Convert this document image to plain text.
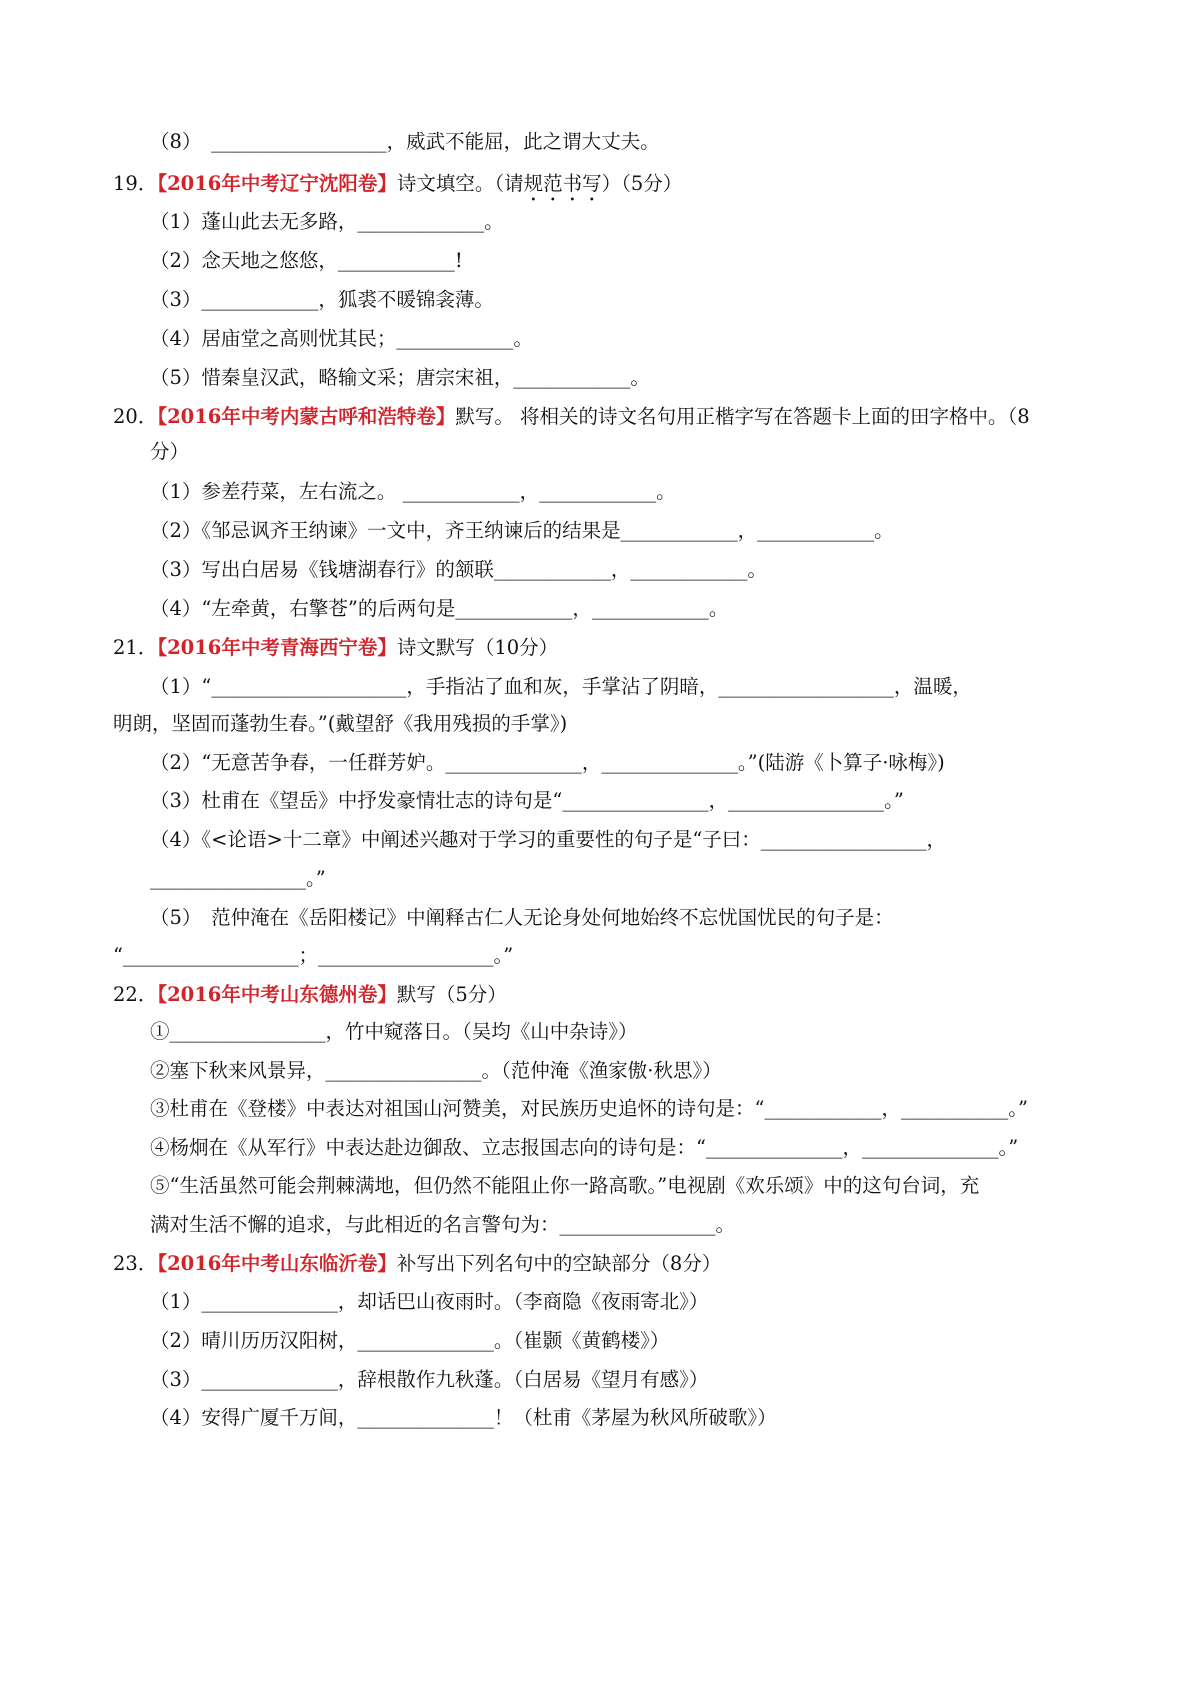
（8）　__________________，威武不能屈，此之谓大丈夫。
19．【2016年中考辽宁沈阳卷】诗文填空。（请规范书写）（5分）
（1）蓬山此去无多路，_____________。
（2）念天地之悠悠，____________!
（3）____________，狐裘不暖锦衾薄。
（4）居庙堂之高则忧其民；____________。
（5）惜秦皇汉武，略输文采；唐宗宋祖，____________。
20．【2016年中考内蒙古呼和浩特卷】默写。 将相关的诗文名句用正楷字写在答题卡上面的田字格中。（8
分）
（1）参差荇菜，左右流之。 ____________，____________。
（2）《邹忌讽齐王纳谏》一文中，齐王纳谏后的结果是____________，____________。
（3）写出白居易《钱塘湖春行》的颔联____________，____________。
（4）“左牵黄，右擎苍”的后两句是____________，____________。
21．【2016年中考青海西宁卷】诗文默写（10分）
（1）“____________________，手指沾了血和灰，手掌沾了阴暗，__________________，温暖，
明朗，坚固而蓬勃生春。”(戴望舒《我用残损的手掌》)
（2）“无意苦争春，一任群芳妒。______________，______________。”(陆游《卜算子·咏梅》)
（3）杜甫在《望岳》中抒发豪情壮志的诗句是“_______________，________________。”
（4）《<论语>十二章》中阐述兴趣对于学习的重要性的句子是“子曰：_________________，
________________。”
（5）　范仲淹在《岳阳楼记》中阐释古仁人无论身处何地始终不忘忧国忧民的句子是：
“__________________；__________________。”
22．【2016年中考山东德州卷】默写（5分）
①________________，竹中窥落日。（吴均《山中杂诗》）
②塞下秋来风景异，________________。（范仲淹《渔家傲·秋思》）
③杜甫在《登楼》中表达对祖国山河赞美，对民族历史追怀的诗句是：“____________，___________。”
④杨炯在《从军行》中表达赴边御敌、立志报国志向的诗句是：“______________，______________。”
⑤“生活虽然可能会荆棘满地，但仍然不能阻止你一路高歌。”电视剧《欢乐颂》中的这句台词，充
满对生活不懈的追求，与此相近的名言警句为：________________。
23．【2016年中考山东临沂卷】补写出下列名句中的空缺部分（8分）
（1）______________，却话巴山夜雨时。（李商隐《夜雨寄北》）
（2）晴川历历汉阳树，______________。（崔颢《黄鹤楼》）
（3）______________，辞根散作九秋蓬。（白居易《望月有感》）
（4）安得广厦千万间，______________！（杜甫《茅屋为秋风所破歌》）
